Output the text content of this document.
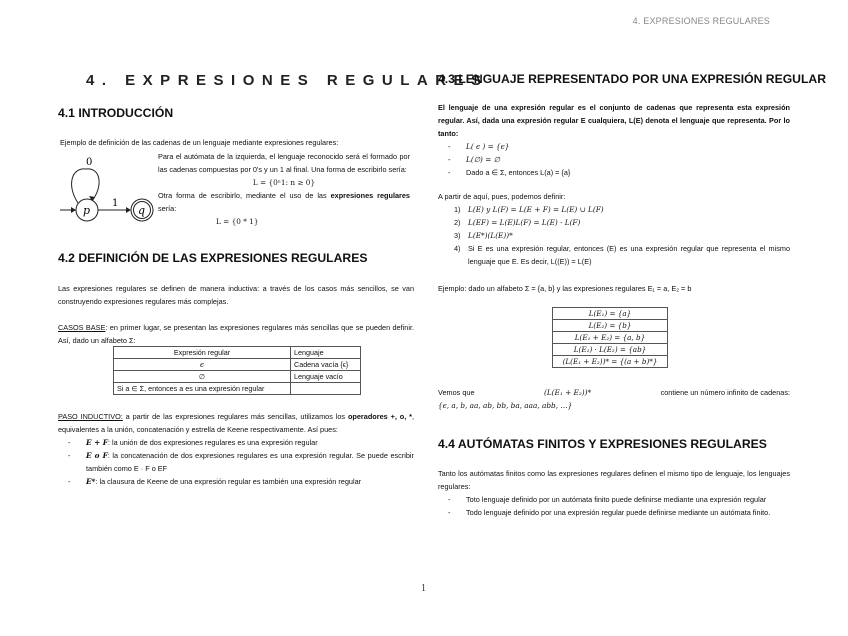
4. EXPRESIONES REGULARES
4. EXPRESIONES REGULARES
4.1 INTRODUCCIÓN

Ejemplo de definición de las cadenas de un lenguaje mediante expresiones regulares:

0
p
1
q
Para el autómata de la izquierda, el lenguaje reconocido será el formado por las cadenas compuestas por 0's y un 1 al final. Una forma de escribirlo sería:
L = {0ⁿ1: n ≥ 0}
Otra forma de escribirlo, mediante el uso de las expresiones regulares sería:
L = {0 * 1}
4.2 DEFINICIÓN DE LAS EXPRESIONES REGULARES

Las expresiones regulares se definen de manera inductiva: a través de los casos más sencillos, se van construyendo expresiones regulares más complejas.

CASOS BASE: en primer lugar, se presentan las expresiones regulares más sencillas que se pueden definir. Así, dado un alfabeto Σ:

Expresión regular	Lenguaje
ϵ	Cadena vacía {ϵ}
∅	Lenguaje vacío
Si a ∈ Σ, entonces a es una expresión regular	

PASO INDUCTIVO: a partir de las expresiones regulares más sencillas, utilizamos los operadores +, o, *, equivalentes a la unión, concatenación y estrella de Keene respectivamente. Así pues:

- E + F: la unión de dos expresiones regulares es una expresión regular
- E o F: la concatenación de dos expresiones regulares es una expresión regular. Se puede escribir también como E · F o EF
- E*: la clausura de Keene de una expresión regular es también una expresión regular
4.3 LENGUAJE REPRESENTADO POR UNA EXPRESIÓN REGULAR

El lenguaje de una expresión regular es el conjunto de cadenas que representa esta expresión regular. Así, dada una expresión regular E cualquiera, L(E) denota el lenguaje que representa. Por lo tanto:

- L( ϵ ) = {ϵ}
- L(∅) = ∅
- Dado a ∈ Σ, entonces L(a) = {a}

A partir de aquí, pues, podemos definir:

1) L(E) y L(F) = L(E + F) = L(E) ∪ L(F)
2) L(EF) = L(E)L(F) = L(E) · L(F)
3) L(E*)(L(E))*
4) Si E es una expresión regular, entonces (E) es una expresión regular que representa el mismo lenguaje que E. Es decir, L((E)) = L(E)

Ejemplo: dado un alfabeto Σ = {a, b} y las expresiones regulares E₁ = a, E₂ = b

L(E₁) = {a}
L(E₂) = {b}
L(E₁ + E₂) = {a, b}
L(E₁) · L(E₂) = {ab}
(L(E₁ + E₂))* = {(a + b)*}
Vemos que	(L(E₁ + E₂))*	contiene un número infinito de cadenas:
{ϵ, a, b, aa, ab, bb, ba, aaa, abb, …}
4.4 AUTÓMATAS FINITOS Y EXPRESIONES REGULARES

Tanto los autómatas finitos como las expresiones regulares definen el mismo tipo de lenguaje, los lenguajes regulares:

- Toto lenguaje definido por un autómata finito puede definirse mediante una expresión regular
- Todo lenguaje definido por una expresión regular puede definirse mediante un autómata finito.
1
